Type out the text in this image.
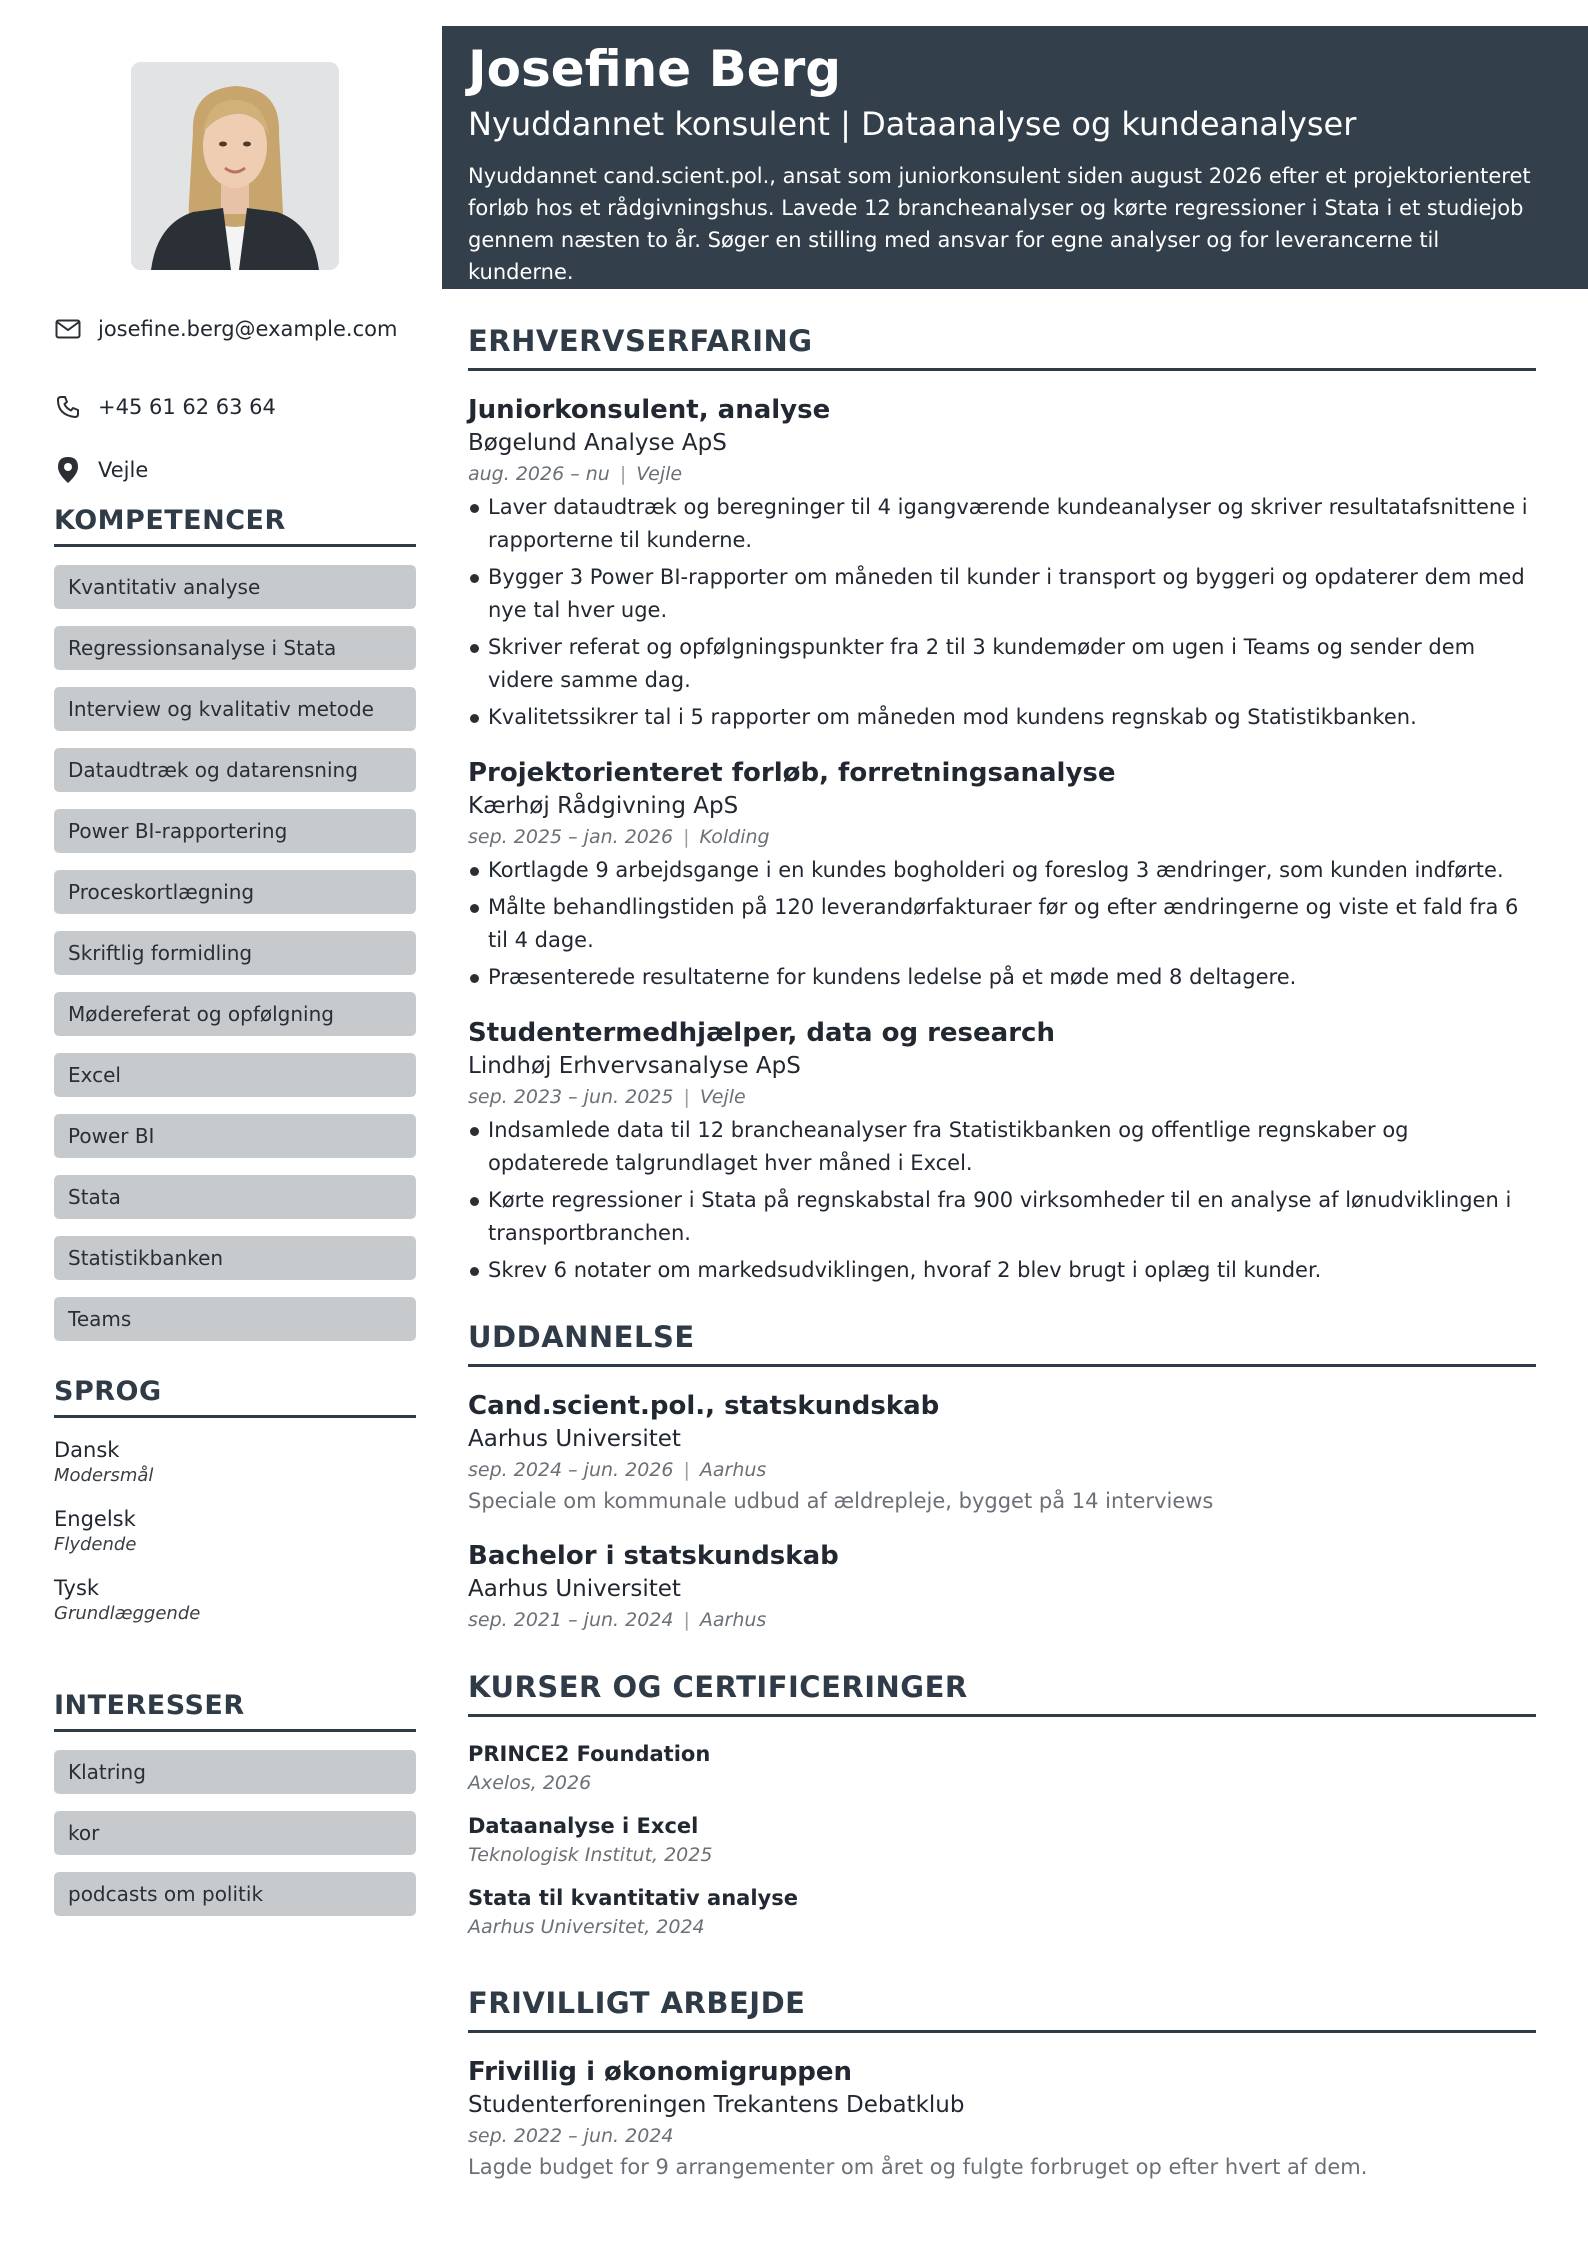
josefine.berg@example.com
+45 61 62 63 64
Vejle
KOMPETENCER
Kvantitativ analyse
Regressionsanalyse i Stata
Interview og kvalitativ metode
Dataudtræk og datarensning
Power BI-rapportering
Proceskortlægning
Skriftlig formidling
Mødereferat og opfølgning
Excel
Power BI
Stata
Statistikbanken
Teams
SPROG
Dansk
Modersmål
Engelsk
Flydende
Tysk
Grundlæggende
INTERESSER
Klatring
kor
podcasts om politik
Josefine Berg
Nyuddannet konsulent | Dataanalyse og kundeanalyser
Nyuddannet cand.scient.pol., ansat som juniorkonsulent siden august 2026 efter et projektorienteret forløb hos et rådgivningshus. Lavede 12 brancheanalyser og kørte regressioner i Stata i et studiejob gennem næsten to år. Søger en stilling med ansvar for egne analyser og for leverancerne til kunderne.
ERHVERVSERFARING
Juniorkonsulent, analyse
Bøgelund Analyse ApS
aug. 2026 – nu | Vejle
Laver dataudtræk og beregninger til 4 igangværende kundeanalyser og skriver resultatafsnittene i rapporterne til kunderne.
Bygger 3 Power BI-rapporter om måneden til kunder i transport og byggeri og opdaterer dem med nye tal hver uge.
Skriver referat og opfølgningspunkter fra 2 til 3 kundemøder om ugen i Teams og sender dem videre samme dag.
Kvalitetssikrer tal i 5 rapporter om måneden mod kundens regnskab og Statistikbanken.
Projektorienteret forløb, forretningsanalyse
Kærhøj Rådgivning ApS
sep. 2025 – jan. 2026 | Kolding
Kortlagde 9 arbejdsgange i en kundes bogholderi og foreslog 3 ændringer, som kunden indførte.
Målte behandlingstiden på 120 leverandørfakturaer før og efter ændringerne og viste et fald fra 6 til 4 dage.
Præsenterede resultaterne for kundens ledelse på et møde med 8 deltagere.
Studentermedhjælper, data og research
Lindhøj Erhvervsanalyse ApS
sep. 2023 – jun. 2025 | Vejle
Indsamlede data til 12 brancheanalyser fra Statistikbanken og offentlige regnskaber og opdaterede talgrundlaget hver måned i Excel.
Kørte regressioner i Stata på regnskabstal fra 900 virksomheder til en analyse af lønudviklingen i transportbranchen.
Skrev 6 notater om markedsudviklingen, hvoraf 2 blev brugt i oplæg til kunder.
UDDANNELSE
Cand.scient.pol., statskundskab
Aarhus Universitet
sep. 2024 – jun. 2026 | Aarhus
Speciale om kommunale udbud af ældrepleje, bygget på 14 interviews
Bachelor i statskundskab
Aarhus Universitet
sep. 2021 – jun. 2024 | Aarhus
KURSER OG CERTIFICERINGER
PRINCE2 Foundation
Axelos, 2026
Dataanalyse i Excel
Teknologisk Institut, 2025
Stata til kvantitativ analyse
Aarhus Universitet, 2024
FRIVILLIGT ARBEJDE
Frivillig i økonomigruppen
Studenterforeningen Trekantens Debatklub
sep. 2022 – jun. 2024
Lagde budget for 9 arrangementer om året og fulgte forbruget op efter hvert af dem.
